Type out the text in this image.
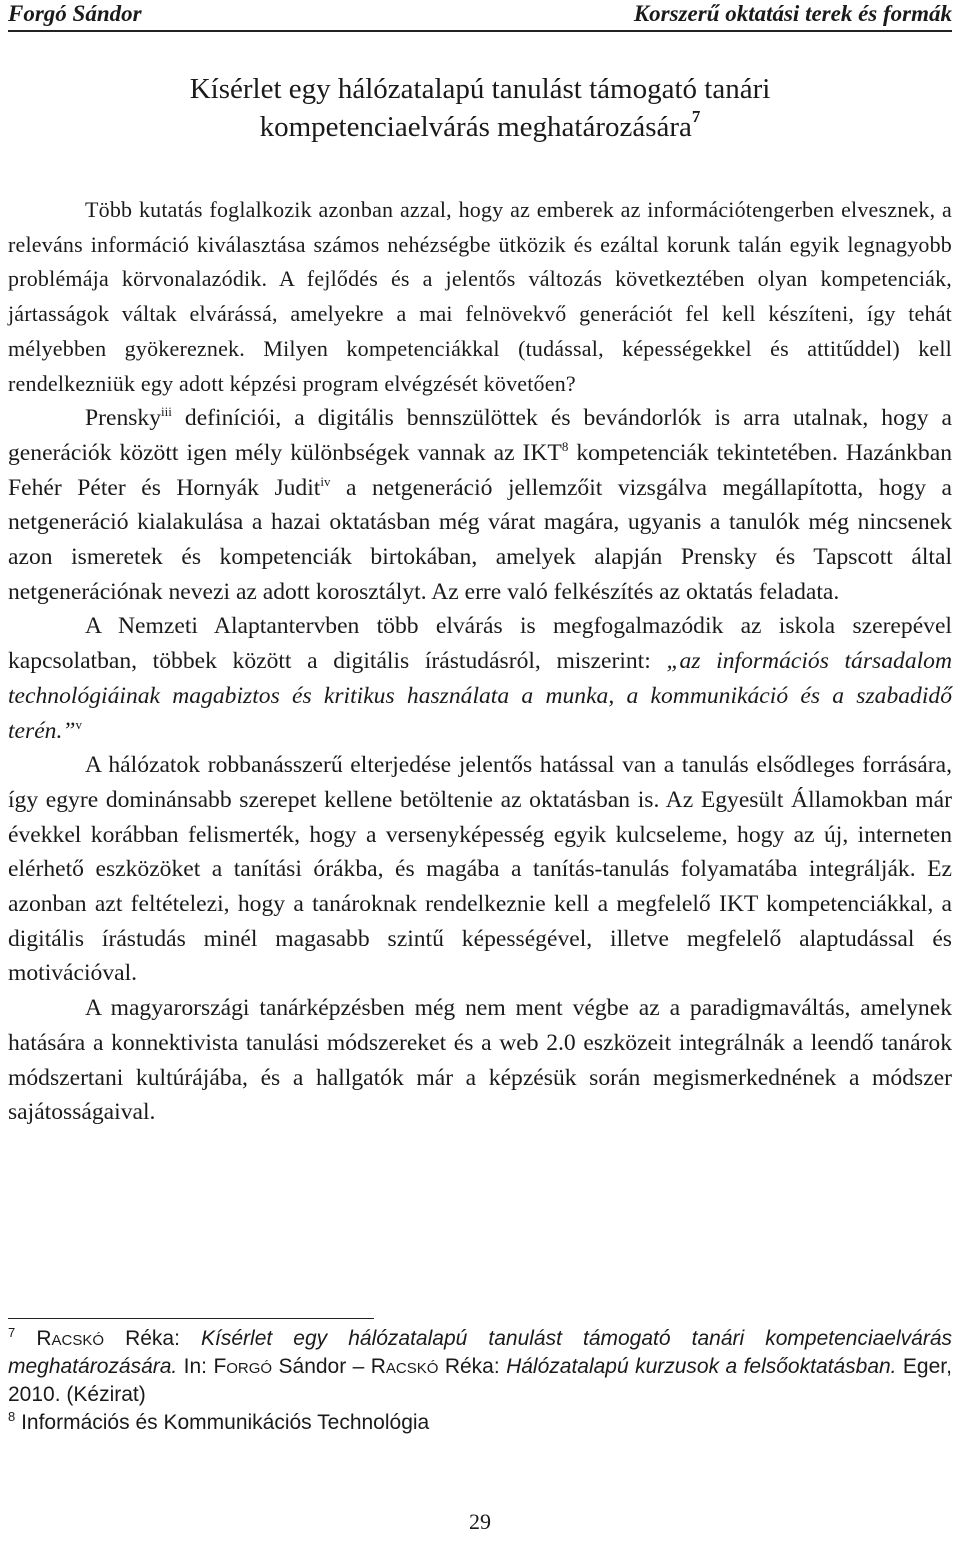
Forgó Sándor	Korszerű oktatási terek és formák
Kísérlet egy hálózatalapú tanulást támogató tanári
kompetenciaelvárás meghatározására$^7$

Több kutatás foglalkozik azonban azzal, hogy az emberek az információtengerben elvesznek, a releváns információ kiválasztása számos nehézségbe ütközik és ezáltal korunk talán egyik legnagyobb problémája körvonalazódik. A fejlődés és a jelentős változás következtében olyan kompetenciák, jártasságok váltak elvárássá, amelyekre a mai felnövekvő generációt fel kell készíteni, így tehát mélyebben gyökereznek. Milyen kompetenciákkal (tudással, képességekkel és attitűddel) kell rendelkezniük egy adott képzési program elvégzését követően?

Prensky$^{iii}$ definíciói, a digitális bennszülöttek és bevándorlók is arra utalnak, hogy a generációk között igen mély különbségek vannak az IKT$^8$ kompetenciák tekintetében. Hazánkban Fehér Péter és Hornyák Judit$^{iv}$ a netgeneráció jellemzőit vizsgálva megállapította, hogy a netgeneráció kialakulása a hazai oktatásban még várat magára, ugyanis a tanulók még nincsenek azon ismeretek és kompetenciák birtokában, amelyek alapján Prensky és Tapscott által netgenerációnak nevezi az adott korosztályt. Az erre való felkészítés az oktatás feladata.

A Nemzeti Alaptantervben több elvárás is megfogalmazódik az iskola szerepével kapcsolatban, többek között a digitális írástudásról, miszerint: „az információs társadalom technológiáinak magabiztos és kritikus használata a munka, a kommunikáció és a szabadidő terén.”$^v$

A hálózatok robbanásszerű elterjedése jelentős hatással van a tanulás elsődleges forrására, így egyre dominánsabb szerepet kellene betöltenie az oktatásban is. Az Egyesült Államokban már évekkel korábban felismerték, hogy a versenyképesség egyik kulcseleme, hogy az új, interneten elérhető eszközöket a tanítási órákba, és magába a tanítás-tanulás folyamatába integrálják. Ez azonban azt feltételezi, hogy a tanároknak rendelkeznie kell a megfelelő IKT kompetenciákkal, a digitális írástudás minél magasabb szintű képességével, illetve megfelelő alaptudással és motivációval.

A magyarországi tanárképzésben még nem ment végbe az a paradigmaváltás, amelynek hatására a konnektivista tanulási módszereket és a web 2.0 eszközeit integrálnák a leendő tanárok módszertani kultúrájába, és a hallgatók már a képzésük során megismerkednének a módszer sajátosságaival.

$^7$ Racskó Réka: Kísérlet egy hálózatalapú tanulást támogató tanári kompetenciaelvárás meghatározására. In: Forgó Sándor – Racskó Réka: Hálózatalapú kurzusok a felsőoktatásban. Eger, 2010. (Kézirat)

$^8$ Információs és Kommunikációs Technológia

29
